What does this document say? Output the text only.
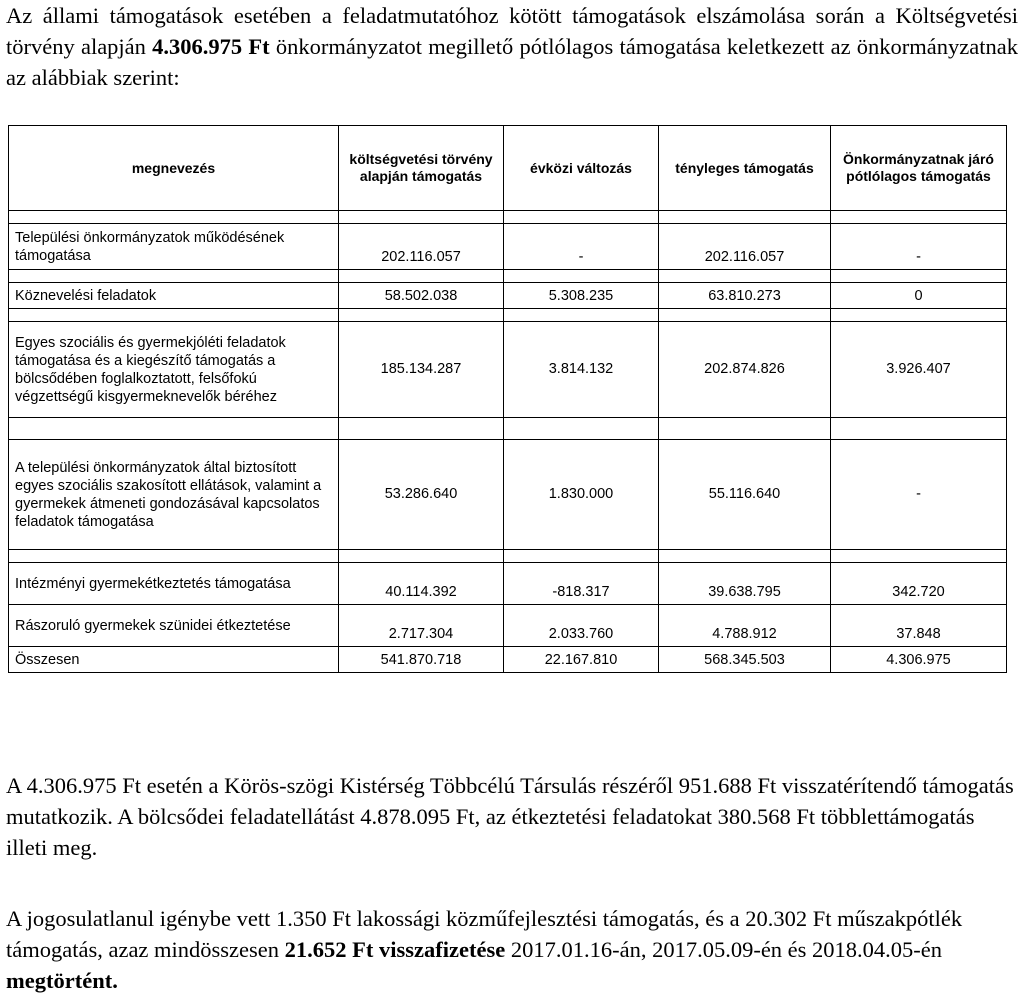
Az állami támogatások esetében a feladatmutatóhoz kötött támogatások elszámolása során a Költségvetési törvény alapján 4.306.975 Ft önkormányzatot megillető pótlólagos támogatása keletkezett az önkormányzatnak az alábbiak szerint:

megnevezés	költségvetési törvény alapján támogatás	évközi változás	tényleges támogatás	Önkormányzatnak járó pótlólagos támogatás

Települési önkormányzatok működésének támogatása	202.116.057	-	202.116.057	-

Köznevelési feladatok	58.502.038	5.308.235	63.810.273	0

Egyes szociális és gyermekjóléti feladatok támogatása és a kiegészítő támogatás a bölcsődében foglalkoztatott, felsőfokú végzettségű kisgyermeknevelők béréhez	185.134.287	3.814.132	202.874.826	3.926.407

A települési önkormányzatok által biztosított egyes szociális szakosított ellátások, valamint a gyermekek átmeneti gondozásával kapcsolatos feladatok támogatása	53.286.640	1.830.000	55.116.640	-

Intézményi gyermekétkeztetés támogatása	40.114.392	-818.317	39.638.795	342.720
Rászoruló gyermekek szünidei étkeztetése	2.717.304	2.033.760	4.788.912	37.848
Összesen	541.870.718	22.167.810	568.345.503	4.306.975

A 4.306.975 Ft esetén a Körös-szögi Kistérség Többcélú Társulás részéről 951.688 Ft visszatérítendő támogatás mutatkozik. A bölcsődei feladatellátást 4.878.095 Ft, az étkeztetési feladatokat 380.568 Ft többlettámogatás illeti meg.

A jogosulatlanul igénybe vett 1.350 Ft lakossági közműfejlesztési támogatás, és a 20.302 Ft műszakpótlék támogatás, azaz mindösszesen 21.652 Ft visszafizetése 2017.01.16-án, 2017.05.09-én és 2018.04.05-én megtörtént.
